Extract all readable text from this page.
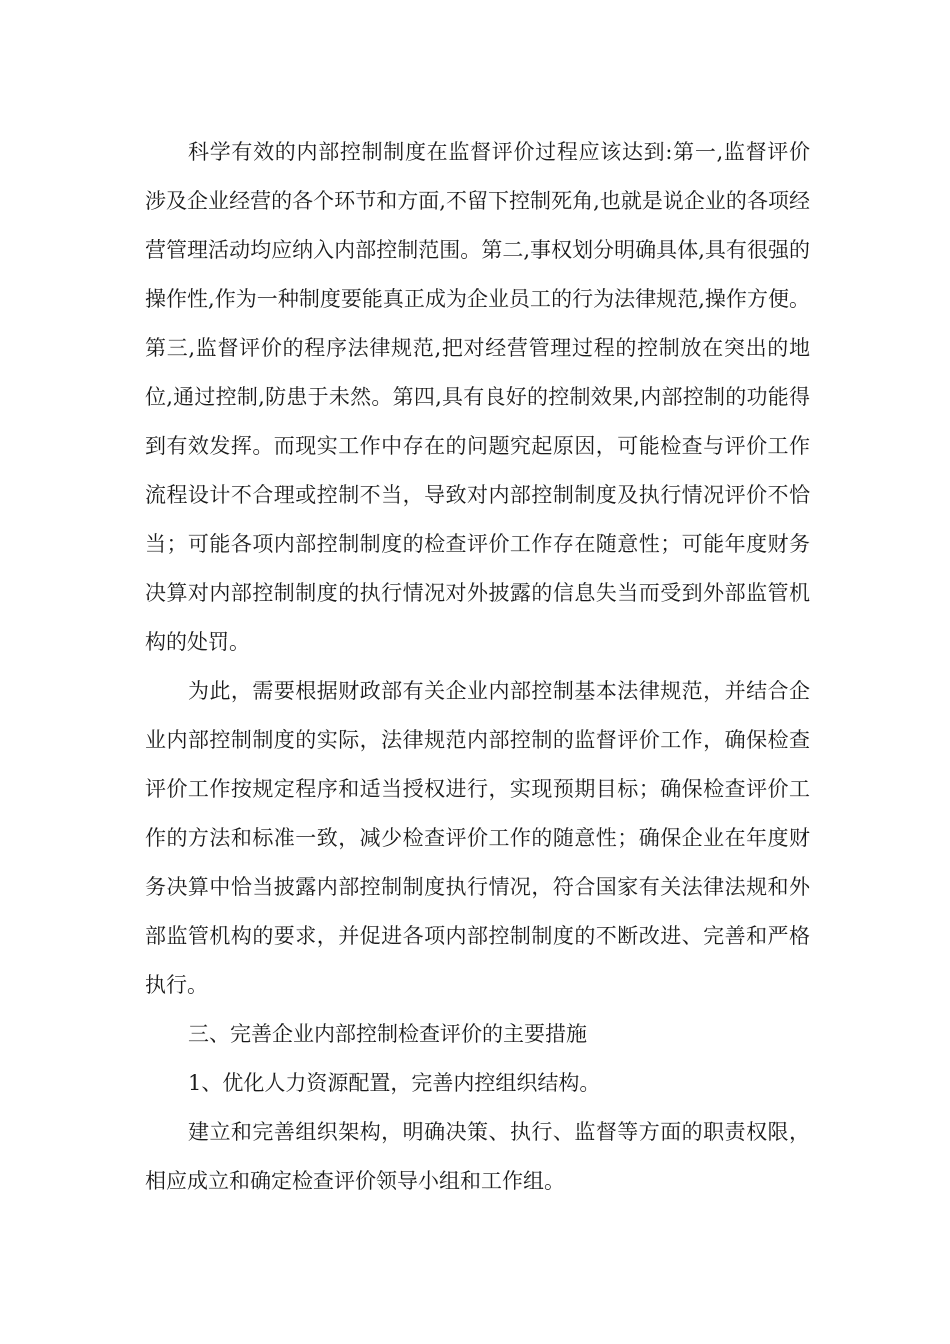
科学有效的内部控制制度在监督评价过程应该达到:第一,监督评价涉及企业经营的各个环节和方面,不留下控制死角,也就是说企业的各项经营管理活动均应纳入内部控制范围。第二,事权划分明确具体,具有很强的操作性,作为一种制度要能真正成为企业员工的行为法律规范,操作方便。第三,监督评价的程序法律规范,把对经营管理过程的控制放在突出的地位,通过控制,防患于未然。第四,具有良好的控制效果,内部控制的功能得到有效发挥。而现实工作中存在的问题究起原因，可能检查与评价工作流程设计不合理或控制不当，导致对内部控制制度及执行情况评价不恰当；可能各项内部控制制度的检查评价工作存在随意性；可能年度财务决算对内部控制制度的执行情况对外披露的信息失当而受到外部监管机构的处罚。

为此，需要根据财政部有关企业内部控制基本法律规范，并结合企业内部控制制度的实际，法律规范内部控制的监督评价工作，确保检查评价工作按规定程序和适当授权进行，实现预期目标；确保检查评价工作的方法和标准一致，减少检查评价工作的随意性；确保企业在年度财务决算中恰当披露内部控制制度执行情况，符合国家有关法律法规和外部监管机构的要求，并促进各项内部控制制度的不断改进、完善和严格执行。

三、完善企业内部控制检查评价的主要措施

1、优化人力资源配置，完善内控组织结构。

建立和完善组织架构，明确决策、执行、监督等方面的职责权限，相应成立和确定检查评价领导小组和工作组。
